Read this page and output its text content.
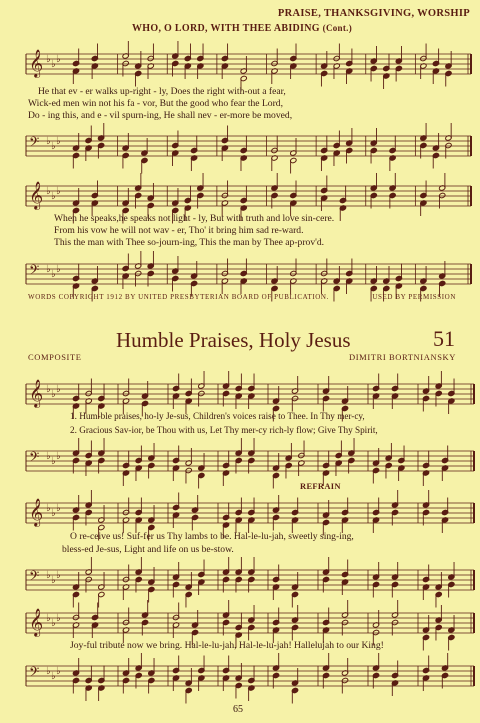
PRAISE, THANKSGIVING, WORSHIP
WHO, O LORD, WITH THEE ABIDING (Cont.)
𝄞 ♭ ♭ ♭
He that ev - er walks up-right - ly, Does the right with-out a fear,
Wick-ed men win not his fa - vor, But the good who fear the Lord,
Do - ing this, and e - vil spurn-ing, He shall nev - er-more be moved,
𝄢 ♭ ♭ ♭
𝄞 ♭ ♭ ♭
When he speaks,he speaks not light - ly, But with truth and love sin-cere.
From his vow he will not wav - er, Tho' it bring him sad re-ward.
This the man with Thee so-journ-ing, This the man by Thee ap-prov'd.
𝄢 ♭ ♭ ♭
WORDS COPYRIGHT 1912 BY UNITED PRESBYTERIAN BOARD OF PUBLICATION.	USED BY PERMISSION
Humble Praises, Holy Jesus	51
COMPOSITE	DIMITRI BORTNIANSKY
𝄞 ♭ ♭ ♭
1. Hum-ble praises, ho-ly Je-sus, Children's voices raise to Thee. In Thy mer-cy,
2. Gracious Sav-ior, be Thou with us, Let Thy mer-cy rich-ly flow; Give Thy Spirit,
𝄢 ♭ ♭ ♭
REFRAIN
𝄞 ♭ ♭ ♭
O re-ceive us! Suf-fer us Thy lambs to be. Hal-le-lu-jah, sweetly sing-ing,
bless-ed Je-sus, Light and life on us be-stow.
𝄢 ♭ ♭ ♭
𝄞 ♭ ♭ ♭
Joy-ful tribute now we bring. Hal-le-lu-jah, Hal-le-lu-jah! Hallelujah to our King!
𝄢 ♭ ♭ ♭
65
